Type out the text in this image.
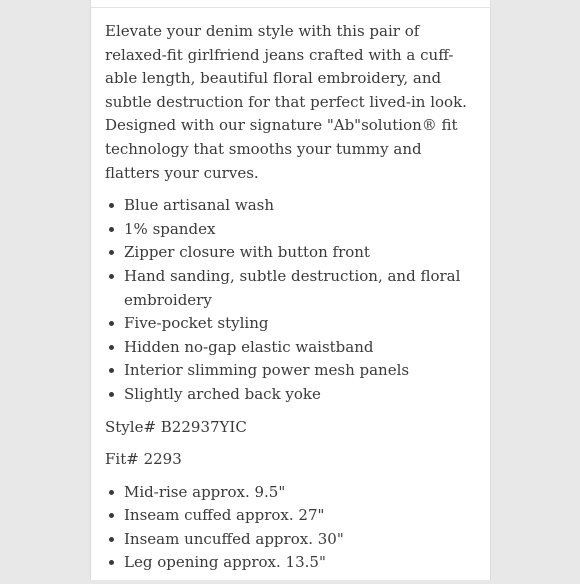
Elevate your denim style with this pair of relaxed-fit girlfriend jeans crafted with a cuff-able length, beautiful floral embroidery, and subtle destruction for that perfect lived-in look. Designed with our signature "Ab"solution® fit technology that smooths your tummy and flatters your curves.

Blue artisanal wash
1% spandex
Zipper closure with button front
Hand sanding, subtle destruction, and floral embroidery
Five-pocket styling
Hidden no-gap elastic waistband
Interior slimming power mesh panels
Slightly arched back yoke

Style# B22937YIC

Fit# 2293

Mid-rise approx. 9.5"
Inseam cuffed approx. 27"
Inseam uncuffed approx. 30"
Leg opening approx. 13.5"
